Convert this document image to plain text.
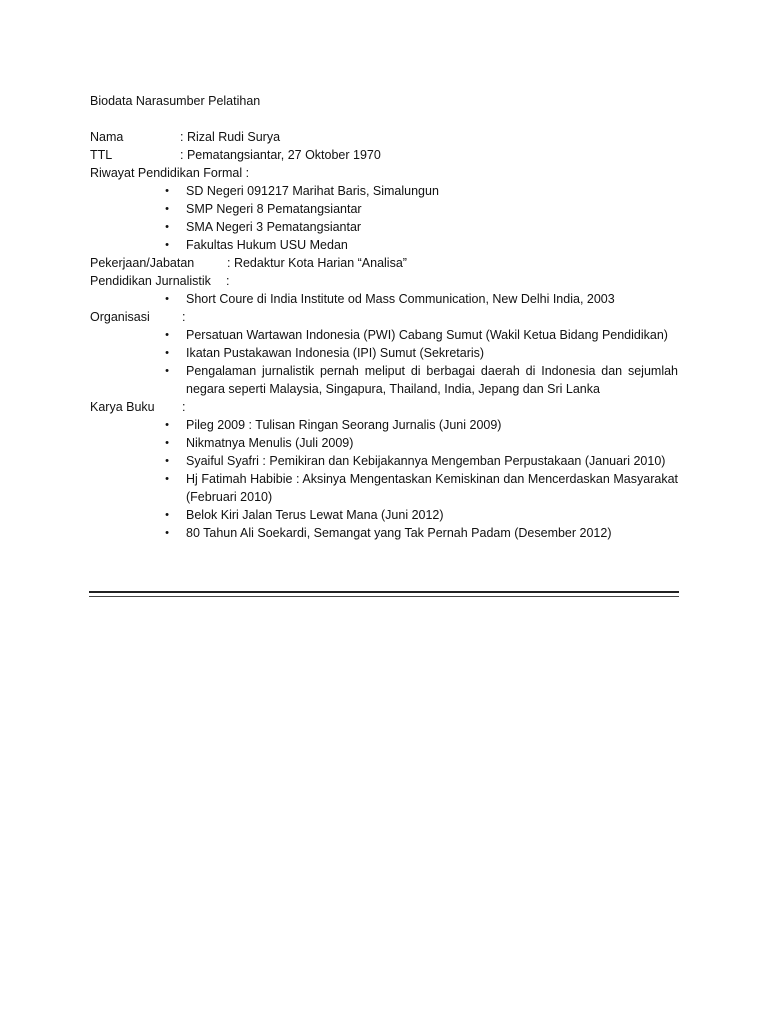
Biodata Narasumber Pelatihan
Nama	: Rizal Rudi Surya
TTL	: Pematangsiantar, 27 Oktober 1970
Riwayat Pendidikan Formal :
• SD Negeri 091217 Marihat Baris, Simalungun
• SMP Negeri 8 Pematangsiantar
• SMA Negeri 3 Pematangsiantar
• Fakultas Hukum USU Medan
Pekerjaan/Jabatan	: Redaktur Kota Harian “Analisa”
Pendidikan Jurnalistik :
• Short Coure di India Institute od Mass Communication, New Delhi India, 2003
Organisasi	:
• Persatuan Wartawan Indonesia (PWI) Cabang Sumut (Wakil Ketua Bidang Pendidikan)
• Ikatan Pustakawan Indonesia (IPI) Sumut (Sekretaris)
• Pengalaman jurnalistik pernah meliput di berbagai daerah di Indonesia dan sejumlah negara seperti Malaysia, Singapura, Thailand, India, Jepang dan Sri Lanka
Karya Buku :
• Pileg 2009 : Tulisan Ringan Seorang Jurnalis (Juni 2009)
• Nikmatnya Menulis (Juli 2009)
• Syaiful Syafri : Pemikiran dan Kebijakannya Mengemban Perpustakaan (Januari 2010)
• Hj Fatimah Habibie : Aksinya Mengentaskan Kemiskinan dan Mencerdaskan Masyarakat (Februari 2010)
• Belok Kiri Jalan Terus Lewat Mana (Juni 2012)
• 80 Tahun Ali Soekardi, Semangat yang Tak Pernah Padam (Desember 2012)
